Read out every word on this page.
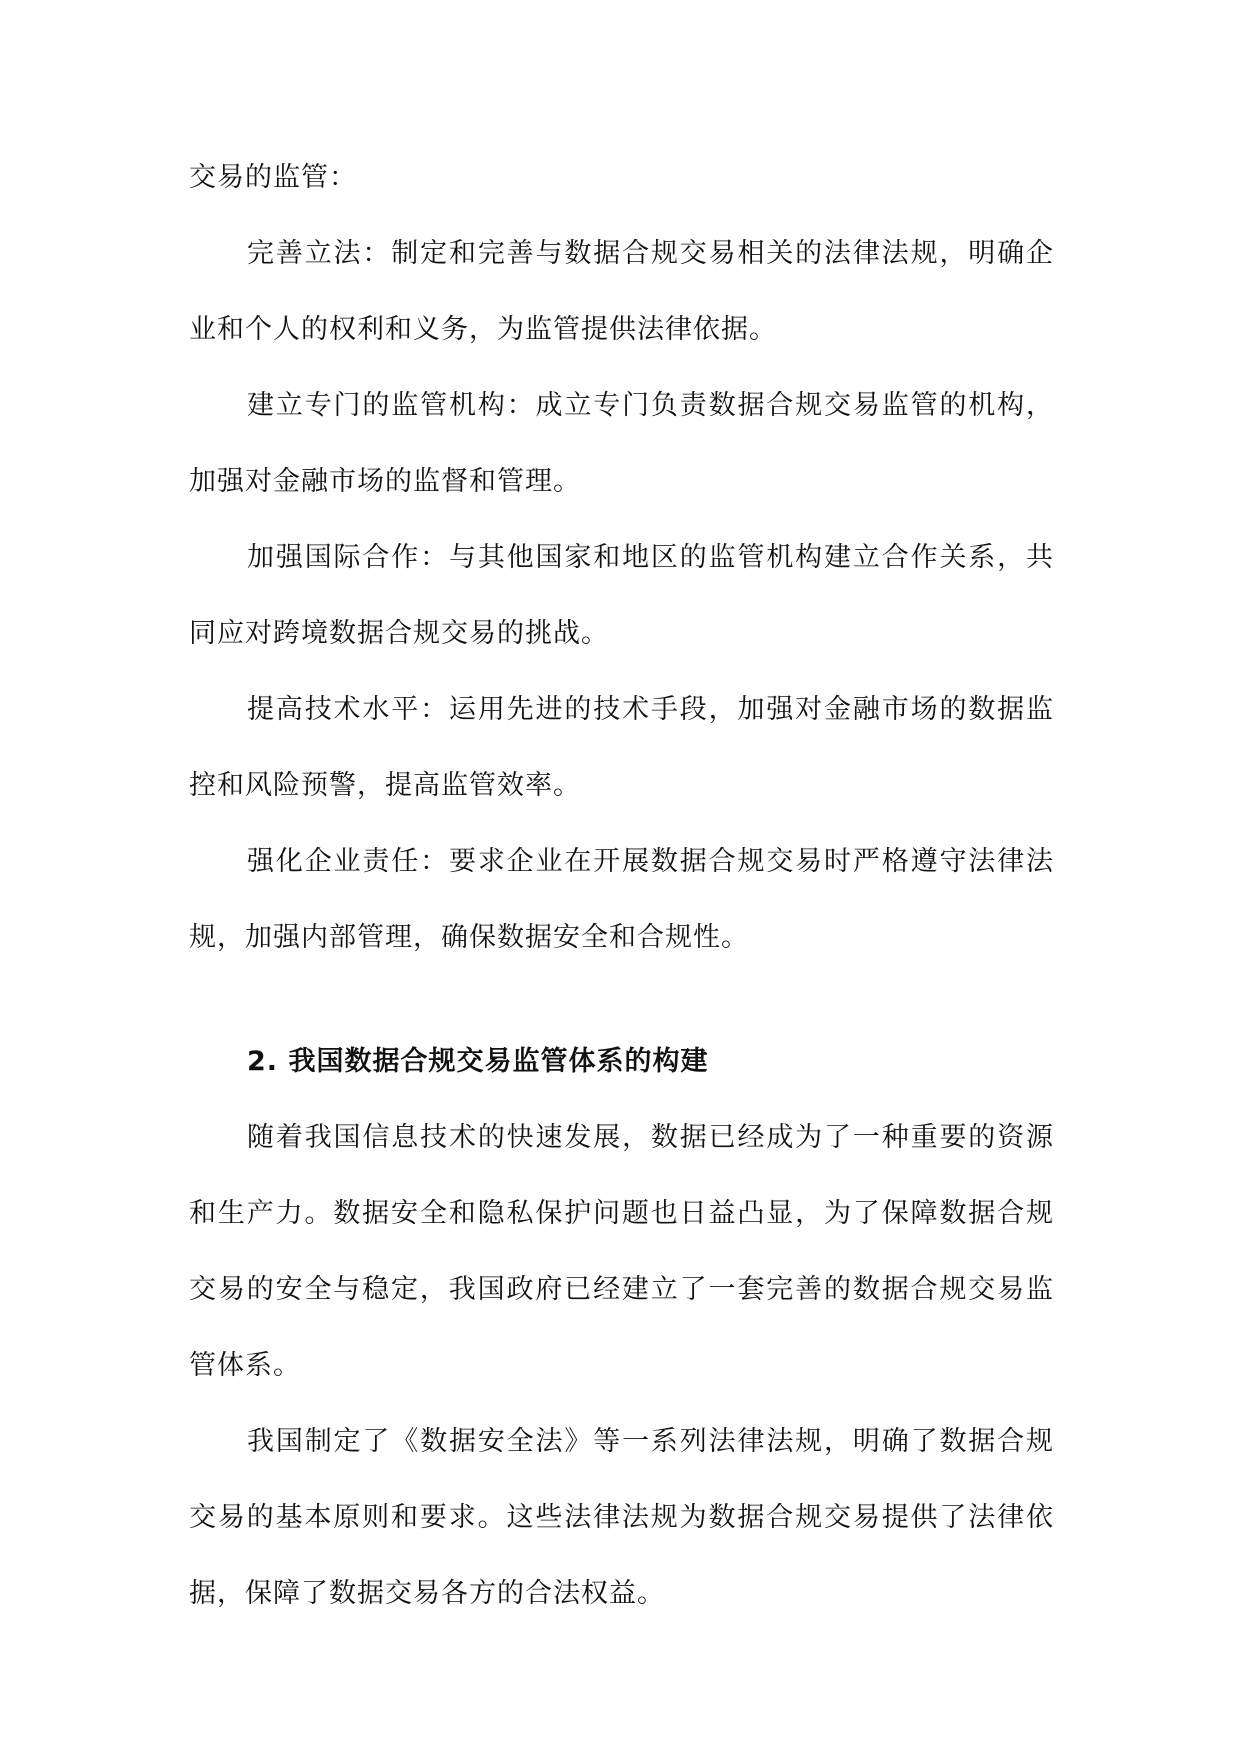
交易的监管：

完善立法：制定和完善与数据合规交易相关的法律法规，明确企业和个人的权利和义务，为监管提供法律依据。

建立专门的监管机构：成立专门负责数据合规交易监管的机构，加强对金融市场的监督和管理。

加强国际合作：与其他国家和地区的监管机构建立合作关系，共同应对跨境数据合规交易的挑战。

提高技术水平：运用先进的技术手段，加强对金融市场的数据监控和风险预警，提高监管效率。

强化企业责任：要求企业在开展数据合规交易时严格遵守法律法规，加强内部管理，确保数据安全和合规性。

2. 我国数据合规交易监管体系的构建

随着我国信息技术的快速发展，数据已经成为了一种重要的资源和生产力。数据安全和隐私保护问题也日益凸显，为了保障数据合规交易的安全与稳定，我国政府已经建立了一套完善的数据合规交易监管体系。

我国制定了《数据安全法》等一系列法律法规，明确了数据合规交易的基本原则和要求。这些法律法规为数据合规交易提供了法律依据，保障了数据交易各方的合法权益。
